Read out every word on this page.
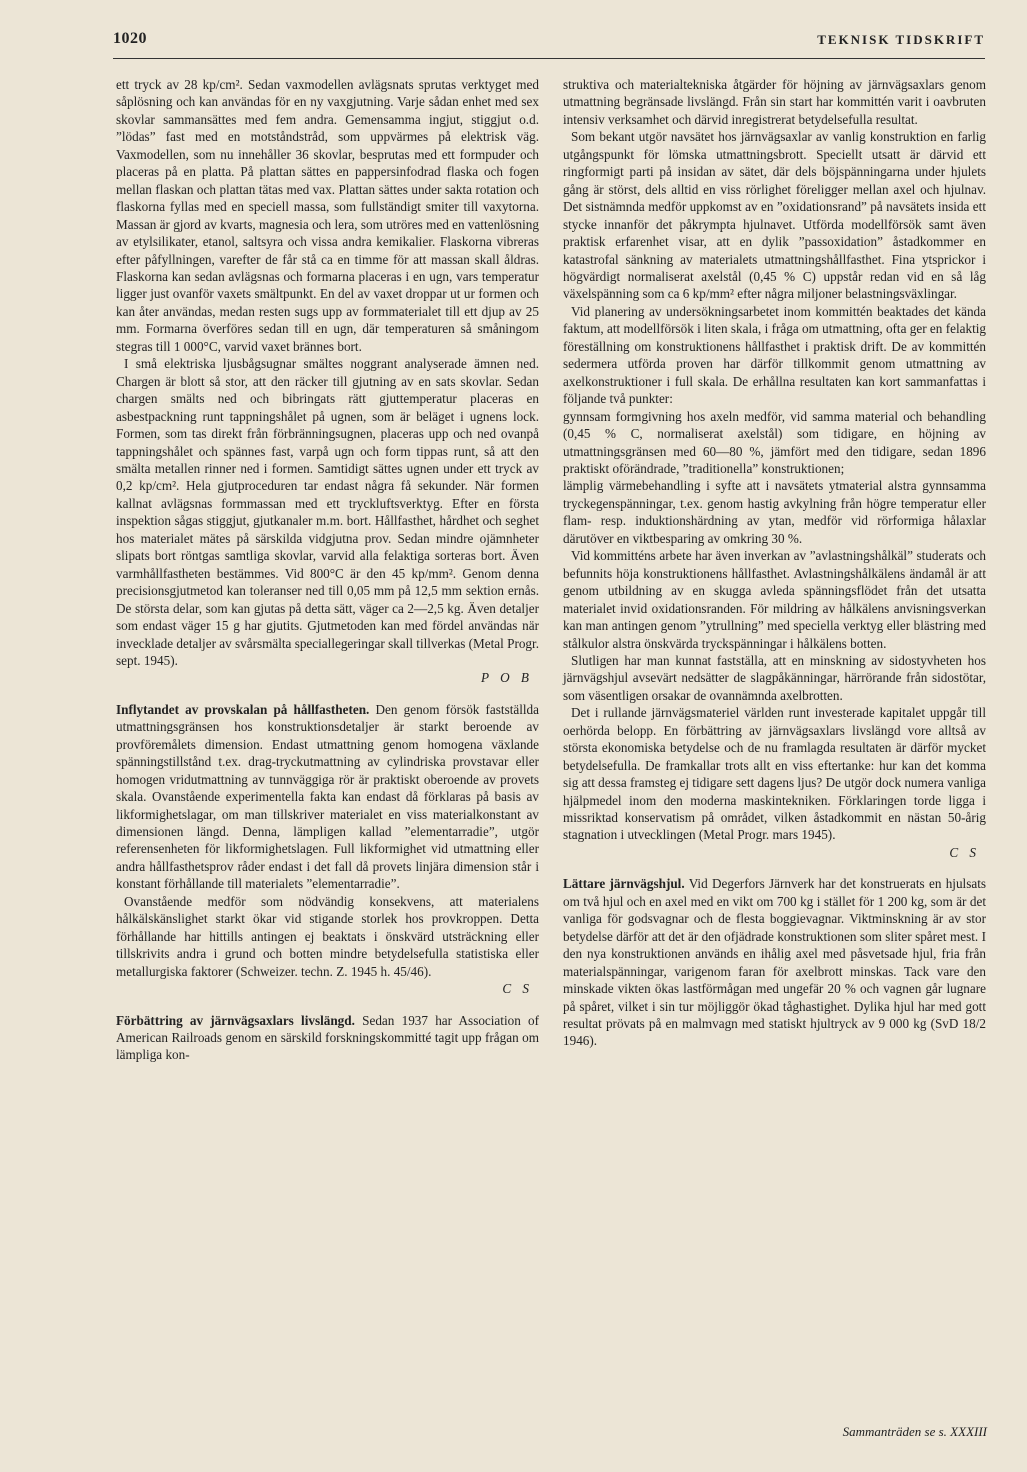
1020	TEKNISK TIDSKRIFT

ett tryck av 28 kp/cm². Sedan vaxmodellen avlägsnats sprutas verktyget med såplösning och kan användas för en ny vaxgjutning. Varje sådan enhet med sex skovlar sammansättes med fem andra. Gemensamma ingjut, stiggjut o.d. ”lödas” fast med en motståndstråd, som uppvärmes på elektrisk väg. Vaxmodellen, som nu innehåller 36 skovlar, besprutas med ett formpuder och placeras på en platta. På plattan sättes en pappersinfodrad flaska och fogen mellan flaskan och plattan tätas med vax. Plattan sättes under sakta rotation och flaskorna fyllas med en speciell massa, som fullständigt smiter till vaxytorna. Massan är gjord av kvarts, magnesia och lera, som utröres med en vattenlösning av etylsilikater, etanol, saltsyra och vissa andra kemikalier. Flaskorna vibreras efter påfyllningen, varefter de får stå ca en timme för att massan skall åldras. Flaskorna kan sedan avlägsnas och formarna placeras i en ugn, vars temperatur ligger just ovanför vaxets smältpunkt. En del av vaxet droppar ut ur formen och kan åter användas, medan resten sugs upp av formmaterialet till ett djup av 25 mm. Formarna överföres sedan till en ugn, där temperaturen så småningom stegras till 1 000°C, varvid vaxet brännes bort.

I små elektriska ljusbågsugnar smältes noggrant analyserade ämnen ned. Chargen är blott så stor, att den räcker till gjutning av en sats skovlar. Sedan chargen smälts ned och bibringats rätt gjuttemperatur placeras en asbestpackning runt tappningshålet på ugnen, som är beläget i ugnens lock. Formen, som tas direkt från förbränningsugnen, placeras upp och ned ovanpå tappningshålet och spännes fast, varpå ugn och form tippas runt, så att den smälta metallen rinner ned i formen. Samtidigt sättes ugnen under ett tryck av 0,2 kp/cm². Hela gjutproceduren tar endast några få sekunder. När formen kallnat avlägsnas formmassan med ett tryckluftsverktyg. Efter en första inspektion sågas stiggjut, gjutkanaler m.m. bort. Hållfasthet, hårdhet och seghet hos materialet mätes på särskilda vidgjutna prov. Sedan mindre ojämnheter slipats bort röntgas samtliga skovlar, varvid alla felaktiga sorteras bort. Även varmhållfastheten bestämmes. Vid 800°C är den 45 kp/mm². Genom denna precisionsgjutmetod kan toleranser ned till 0,05 mm på 12,5 mm sektion ernås. De största delar, som kan gjutas på detta sätt, väger ca 2—2,5 kg. Även detaljer som endast väger 15 g har gjutits. Gjutmetoden kan med fördel användas när invecklade detaljer av svårsmälta speciallegeringar skall tillverkas (Metal Progr. sept. 1945).

P O B

Inflytandet av provskalan på hållfastheten. Den genom försök fastställda utmattningsgränsen hos konstruktionsdetaljer är starkt beroende av provföremålets dimension. Endast utmattning genom homogena växlande spänningstillstånd t.ex. drag-tryckutmattning av cylindriska provstavar eller homogen vridutmattning av tunnväggiga rör är praktiskt oberoende av provets skala. Ovanstående experimentella fakta kan endast då förklaras på basis av likformighetslagar, om man tillskriver materialet en viss materialkonstant av dimensionen längd. Denna, lämpligen kallad ”elementarradie”, utgör referensenheten för likformighetslagen. Full likformighet vid utmattning eller andra hållfasthetsprov råder endast i det fall då provets linjära dimension står i konstant förhållande till materialets ”elementarradie”.

Ovanstående medför som nödvändig konsekvens, att materialens hålkälskänslighet starkt ökar vid stigande storlek hos provkroppen. Detta förhållande har hittills antingen ej beaktats i önskvärd utsträckning eller tillskrivits andra i grund och botten mindre betydelsefulla statistiska eller metallurgiska faktorer (Schweizer. techn. Z. 1945 h. 45/46).

C S

Förbättring av järnvägsaxlars livslängd. Sedan 1937 har Association of American Railroads genom en särskild forskningskommitté tagit upp frågan om lämpliga kon-

struktiva och materialtekniska åtgärder för höjning av järnvägsaxlars genom utmattning begränsade livslängd. Från sin start har kommittén varit i oavbruten intensiv verksamhet och därvid inregistrerat betydelsefulla resultat.

Som bekant utgör navsätet hos järnvägsaxlar av vanlig konstruktion en farlig utgångspunkt för lömska utmattningsbrott. Speciellt utsatt är därvid ett ringformigt parti på insidan av sätet, där dels böjspänningarna under hjulets gång är störst, dels alltid en viss rörlighet föreligger mellan axel och hjulnav. Det sistnämnda medför uppkomst av en ”oxidationsrand” på navsätets insida ett stycke innanför det påkrympta hjulnavet. Utförda modellförsök samt även praktisk erfarenhet visar, att en dylik ”passoxidation” åstadkommer en katastrofal sänkning av materialets utmattningshållfasthet. Fina ytsprickor i högvärdigt normaliserat axelstål (0,45 % C) uppstår redan vid en så låg växelspänning som ca 6 kp/mm² efter några miljoner belastningsväxlingar.

Vid planering av undersökningsarbetet inom kommittén beaktades det kända faktum, att modellförsök i liten skala, i fråga om utmattning, ofta ger en felaktig föreställning om konstruktionens hållfasthet i praktisk drift. De av kommittén sedermera utförda proven har därför tillkommit genom utmattning av axelkonstruktioner i full skala. De erhållna resultaten kan kort sammanfattas i följande två punkter:

gynnsam formgivning hos axeln medför, vid samma material och behandling (0,45 % C, normaliserat axelstål) som tidigare, en höjning av utmattningsgränsen med 60—80 %, jämfört med den tidigare, sedan 1896 praktiskt oförändrade, ”traditionella” konstruktionen;

lämplig värmebehandling i syfte att i navsätets ytmaterial alstra gynnsamma tryckegenspänningar, t.ex. genom hastig avkylning från högre temperatur eller flam- resp. induktionshärdning av ytan, medför vid rörformiga hålaxlar därutöver en viktbesparing av omkring 30 %.

Vid kommitténs arbete har även inverkan av ”avlastningshålkäl” studerats och befunnits höja konstruktionens hållfasthet. Avlastningshålkälens ändamål är att genom utbildning av en skugga avleda spänningsflödet från det utsatta materialet invid oxidationsranden. För mildring av hålkälens anvisningsverkan kan man antingen genom ”ytrullning” med speciella verktyg eller blästring med stålkulor alstra önskvärda tryckspänningar i hålkälens botten.

Slutligen har man kunnat fastställa, att en minskning av sidostyvheten hos järnvägshjul avsevärt nedsätter de slagpåkänningar, härrörande från sidostötar, som väsentligen orsakar de ovannämnda axelbrotten.

Det i rullande järnvägsmateriel världen runt investerade kapitalet uppgår till oerhörda belopp. En förbättring av järnvägsaxlars livslängd vore alltså av största ekonomiska betydelse och de nu framlagda resultaten är därför mycket betydelsefulla. De framkallar trots allt en viss eftertanke: hur kan det komma sig att dessa framsteg ej tidigare sett dagens ljus? De utgör dock numera vanliga hjälpmedel inom den moderna maskintekniken. Förklaringen torde ligga i missriktad konservatism på området, vilken åstadkommit en nästan 50-årig stagnation i utvecklingen (Metal Progr. mars 1945).

C S

Lättare järnvägshjul. Vid Degerfors Järnverk har det konstruerats en hjulsats om två hjul och en axel med en vikt om 700 kg i stället för 1 200 kg, som är det vanliga för godsvagnar och de flesta boggievagnar. Viktminskning är av stor betydelse därför att det är den ofjädrade konstruktionen som sliter spåret mest. I den nya konstruktionen används en ihålig axel med påsvetsade hjul, fria från materialspänningar, varigenom faran för axelbrott minskas. Tack vare den minskade vikten ökas lastförmågan med ungefär 20 % och vagnen går lugnare på spåret, vilket i sin tur möjliggör ökad tåghastighet. Dylika hjul har med gott resultat prövats på en malmvagn med statiskt hjultryck av 9 000 kg (SvD 18/2 1946).

Sammanträden se s. XXXIII
